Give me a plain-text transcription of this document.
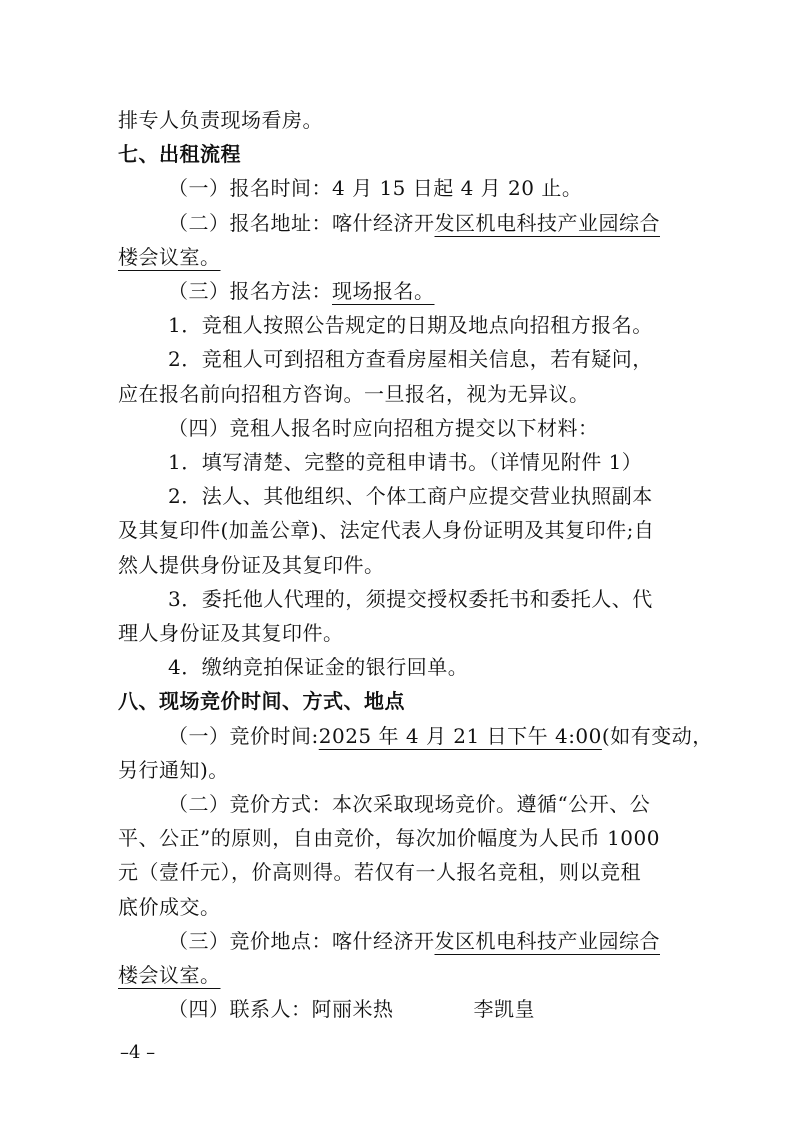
排专人负责现场看房。
七、出租流程
（一）报名时间：4 月 15 日起 4 月 20 止。
（二）报名地址：喀什经济开发区机电科技产业园综合
楼会议室。
（三）报名方法：现场报名。
1．竞租人按照公告规定的日期及地点向招租方报名。
2．竞租人可到招租方查看房屋相关信息，若有疑问，
应在报名前向招租方咨询。一旦报名，视为无异议。
（四）竞租人报名时应向招租方提交以下材料：
1．填写清楚、完整的竞租申请书。（详情见附件 1）
2．法人、其他组织、个体工商户应提交营业执照副本
及其复印件(加盖公章)、法定代表人身份证明及其复印件;自
然人提供身份证及其复印件。
3．委托他人代理的，须提交授权委托书和委托人、代
理人身份证及其复印件。
4．缴纳竞拍保证金的银行回单。
八、现场竞价时间、方式、地点
（一）竞价时间:2025 年 4 月 21 日下午 4:00(如有变动，
另行通知)。
（二）竞价方式：本次采取现场竞价。遵循“公开、公
平、公正”的原则，自由竞价，每次加价幅度为人民币 1000
元（壹仟元），价高则得。若仅有一人报名竞租，则以竞租
底价成交。
（三）竞价地点：喀什经济开发区机电科技产业园综合
楼会议室。
（四）联系人：阿丽米热	李凯皇
–4 –
